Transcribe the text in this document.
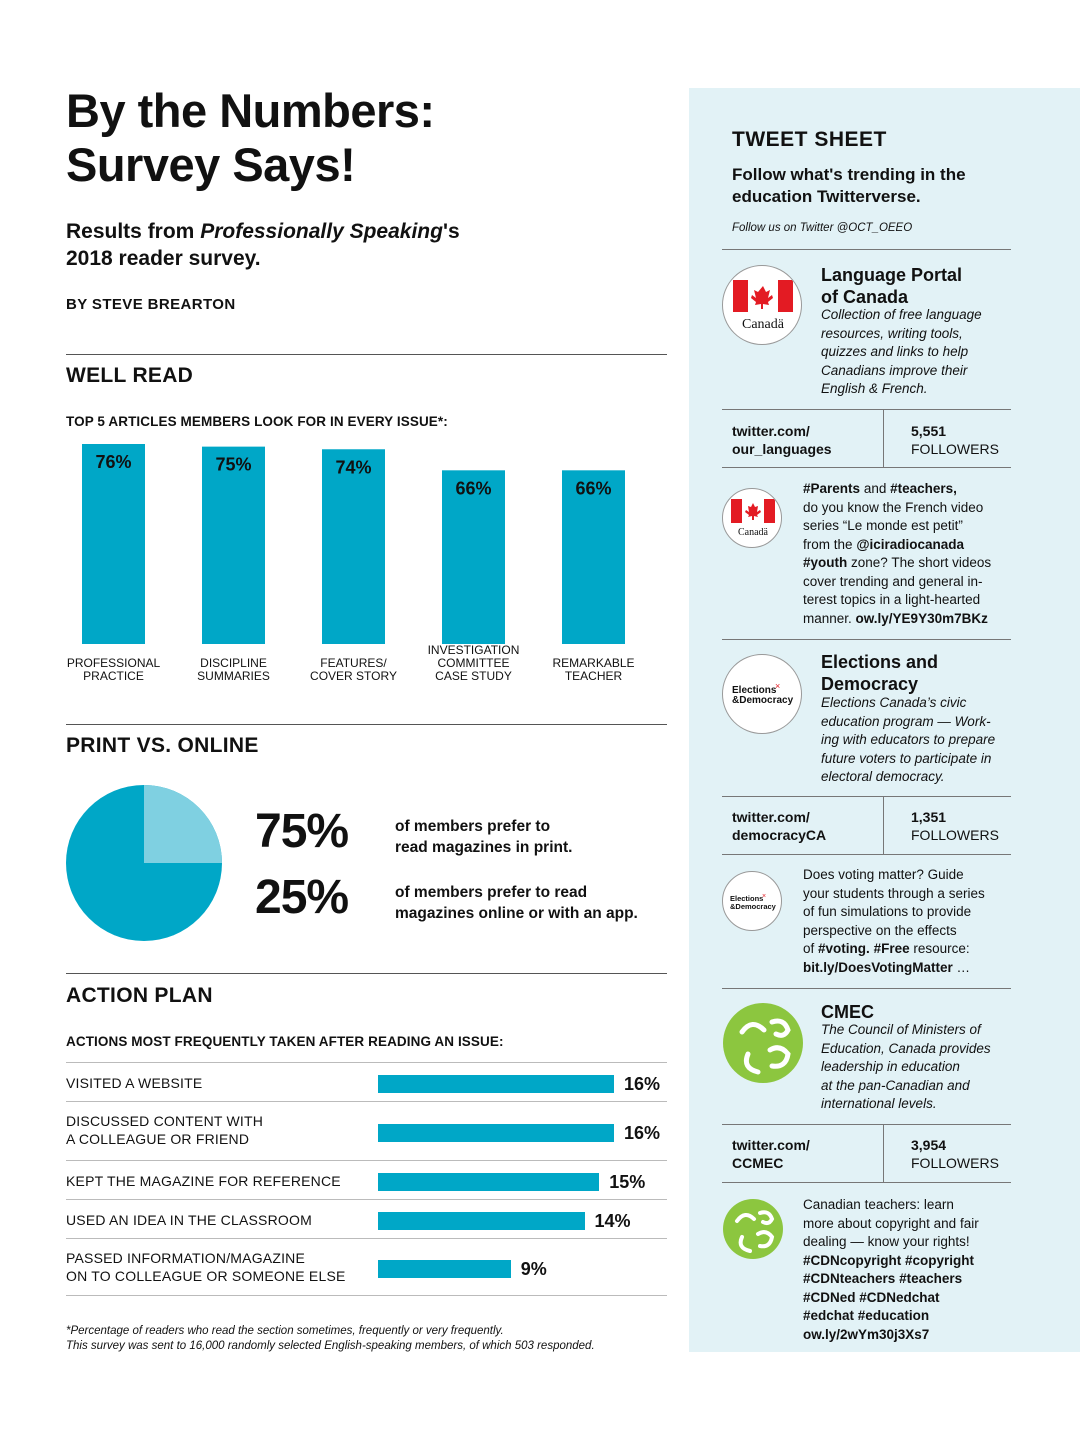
By the Numbers:
Survey Says!
Results from Professionally Speaking's
2018 reader survey.
BY STEVE BREARTON
WELL READ
TOP 5 ARTICLES MEMBERS LOOK FOR IN EVERY ISSUE*:
76%
PROFESSIONAL
PRACTICE
75%
DISCIPLINE
SUMMARIES
74%
FEATURES/
COVER STORY
66%
INVESTIGATION
COMMITTEE
CASE STUDY
66%
REMARKABLE
TEACHER
PRINT VS. ONLINE
75%	of members prefer to
read magazines in print.
25%	of members prefer to read
magazines online or with an app.
ACTION PLAN
ACTIONS MOST FREQUENTLY TAKEN AFTER READING AN ISSUE:
VISITED A WEBSITE	16%
DISCUSSED CONTENT WITH
A COLLEAGUE OR FRIEND	16%
KEPT THE MAGAZINE FOR REFERENCE	15%
USED AN IDEA IN THE CLASSROOM	14%
PASSED INFORMATION/MAGAZINE
ON TO COLLEAGUE OR SOMEONE ELSE	9%
*Percentage of readers who read the section sometimes, frequently or very frequently.
This survey was sent to 16,000 randomly selected English-speaking members, of which 503 responded.
TWEET SHEET
Follow what's trending in the
education Twitterverse.
Follow us on Twitter @OCT_OEEO
Canadä
Language Portal
of Canada
Collection of free language
resources, writing tools,
quizzes and links to help
Canadians improve their
English & French.
twitter.com/
our_languages
5,551
FOLLOWERS
Canadä
#Parents and #teachers,
do you know the French video
series “Le monde est petit”
from the @iciradiocanada
#youth zone? The short videos
cover trending and general in-
terest topics in a light-hearted
manner. ow.ly/YE9Y30m7BKz
Elections
×
&Democracy
Elections and
Democracy
Elections Canada’s civic
education program — Work-
ing with educators to prepare
future voters to participate in
electoral democracy.
twitter.com/
democracyCA
1,351
FOLLOWERS
Elections
×
&Democracy
Does voting matter? Guide
your students through a series
of fun simulations to provide
perspective on the effects
of #voting. #Free resource:
bit.ly/DoesVotingMatter …
CMEC
The Council of Ministers of
Education, Canada provides
leadership in education
at the pan-Canadian and
international levels.
twitter.com/
CCMEC
3,954
FOLLOWERS
Canadian teachers: learn
more about copyright and fair
dealing — know your rights!
#CDNcopyright #copyright
#CDNteachers #teachers
#CDNed #CDNedchat
#edchat #education
ow.ly/2wYm30j3Xs7
